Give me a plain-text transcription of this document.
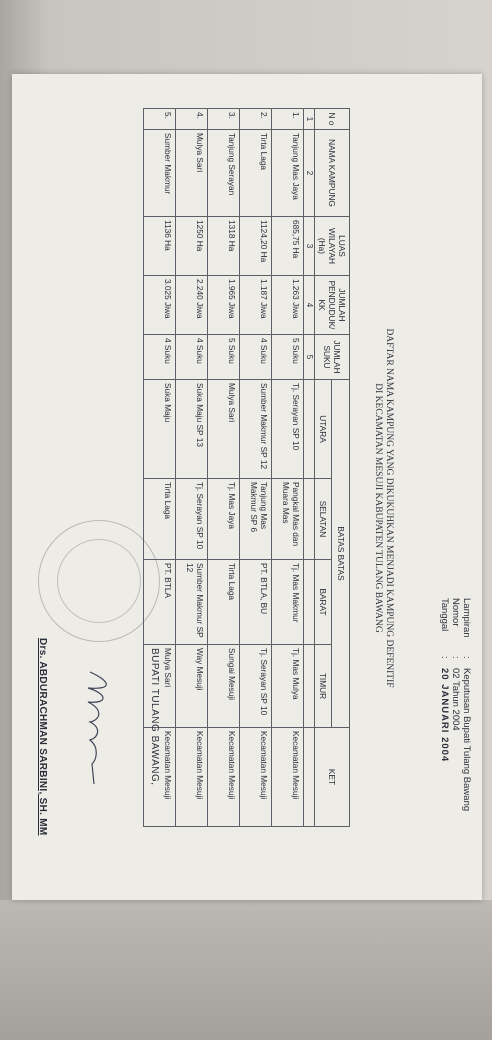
Lampiran
:
Keputusan Bupati Tulang Bawang
Nomor
:
02 Tahun 2004
Tanggal
:
20 JANUARI 2004
DAFTAR NAMA KAMPUNG YANG DIKUKUHKAN MENJADI KAMPUNG DEFENITIF
DI KECAMATAN MESUJI KABUPATEN TULANG BAWANG
N o	NAMA KAMPUNG	LUAS WILAYAH (Ha)	JUMLAH PENDUDUK/ KK	JUMLAH SUKU	BATAS BATAS				KET
					UTARA	SELATAN	BARAT	TIMUR	
1	2	3	4	5					
1.	Tanjung Mas Jaya	685,75 Ha	1.263 Jiwa	5 Suku	Tj. Serayan SP 10	Pangkal Mas dan Muara Mas	Tj. Mas Makmur	Tj. Mas Mulya	Kecamatan Mesuji
2.	Tirta Laga	1124,20 Ha	1.187 Jiwa	4 Suku	Sumber Makmur SP 12	Tanjung Mas Makmur SP 6	PT. BTLA, BU	Tj. Serayan SP 10	Kecamatan Mesuji
3.	Tanjung Serayan	1318 Ha	1.965 Jiwa	5 Suku	Mulya Sari	Tj. Mas Jaya	Tirta Laga	Sungai Mesuji	Kecamatan Mesuji
4.	Mulya Sari	1250 Ha	2.240 Jiwa	4 Suku	Suka Maju SP 13	Tj. Serayan SP 10	Sumber Makmur SP 12	Way Mesuji	Kecamatan Mesuji
5.	Sumber Makmur	1136 Ha	3.025 Jiwa	4 Suku	Suka Maju	Tirta Laga	PT. BTLA	Mulya Sari	Kecamatan Mesuji
BUPATI TULANG BAWANG,
Drs. ABDURACHMAN SARBINI, SH. MM
